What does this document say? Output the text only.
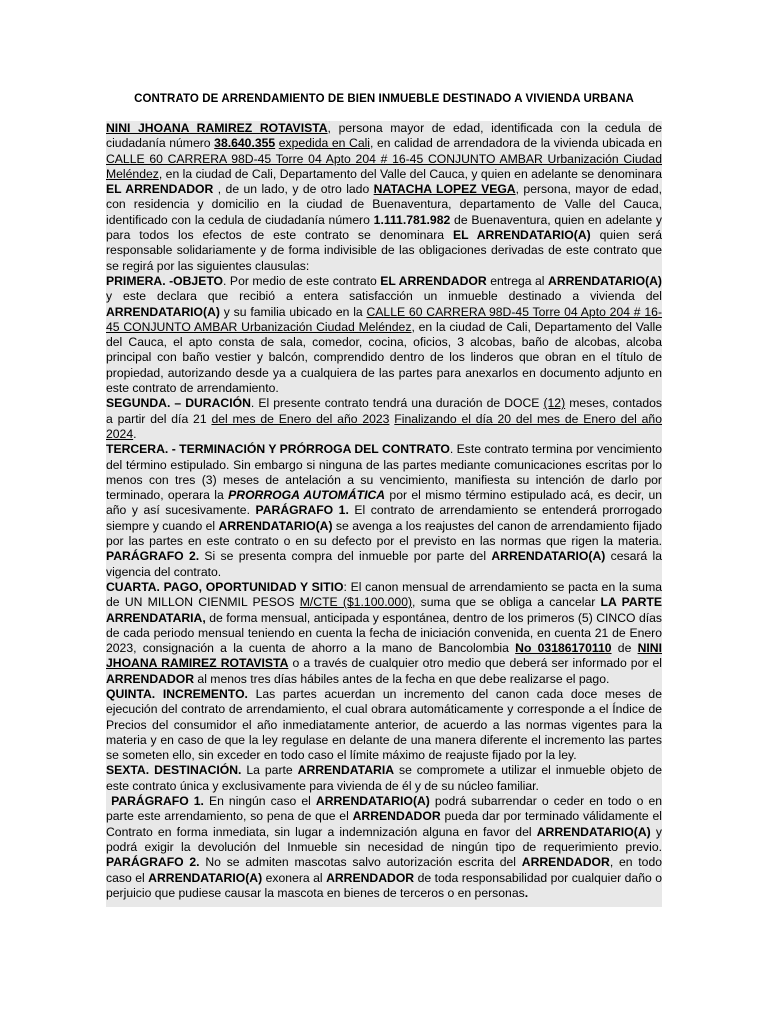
CONTRATO DE ARRENDAMIENTO DE BIEN INMUEBLE DESTINADO A VIVIENDA URBANA

NINI JHOANA RAMIREZ ROTAVISTA, persona mayor de edad, identificada con la cedula de ciudadanía número 38.640.355 expedida en Cali, en calidad de arrendadora de la vivienda ubicada en CALLE 60 CARRERA 98D-45 Torre 04 Apto 204 # 16-45 CONJUNTO AMBAR Urbanización Ciudad Meléndez, en la ciudad de Cali, Departamento del Valle del Cauca, y quien en adelante se denominara EL ARRENDADOR , de un lado, y de otro lado NATACHA LOPEZ VEGA, persona, mayor de edad, con residencia y domicilio en la ciudad de Buenaventura, departamento de Valle del Cauca, identificado con la cedula de ciudadanía número 1.111.781.982 de Buenaventura, quien en adelante y para todos los efectos de este contrato se denominara EL ARRENDATARIO(A) quien será responsable solidariamente y de forma indivisible de las obligaciones derivadas de este contrato que se regirá por las siguientes clausulas:

PRIMERA. -OBJETO. Por medio de este contrato EL ARRENDADOR entrega al ARRENDATARIO(A) y este declara que recibió a entera satisfacción un inmueble destinado a vivienda del ARRENDATARIO(A) y su familia ubicado en la CALLE 60 CARRERA 98D-45 Torre 04 Apto 204 # 16-45 CONJUNTO AMBAR Urbanización Ciudad Meléndez, en la ciudad de Cali, Departamento del Valle del Cauca, el apto consta de sala, comedor, cocina, oficios, 3 alcobas, baño de alcobas, alcoba principal con baño vestier y balcón, comprendido dentro de los linderos que obran en el título de propiedad, autorizando desde ya a cualquiera de las partes para anexarlos en documento adjunto en este contrato de arrendamiento.

SEGUNDA. – DURACIÓN. El presente contrato tendrá una duración de DOCE (12) meses, contados a partir del día 21 del mes de Enero del año 2023 Finalizando el día 20 del mes de Enero del año 2024.

TERCERA. - TERMINACIÓN Y PRÓRROGA DEL CONTRATO. Este contrato termina por vencimiento del término estipulado. Sin embargo si ninguna de las partes mediante comunicaciones escritas por lo menos con tres (3) meses de antelación a su vencimiento, manifiesta su intención de darlo por terminado, operara la PRORROGA AUTOMÁTICA por el mismo término estipulado acá, es decir, un año y así sucesivamente. PARÁGRAFO 1. El contrato de arrendamiento se entenderá prorrogado siempre y cuando el ARRENDATARIO(A) se avenga a los reajustes del canon de arrendamiento fijado por las partes en este contrato o en su defecto por el previsto en las normas que rigen la materia. PARÁGRAFO 2. Si se presenta compra del inmueble por parte del ARRENDATARIO(A) cesará la vigencia del contrato.

CUARTA. PAGO, OPORTUNIDAD Y SITIO: El canon mensual de arrendamiento se pacta en la suma de UN MILLON CIENMIL PESOS M/CTE ($1.100.000), suma que se obliga a cancelar LA PARTE ARRENDATARIA, de forma mensual, anticipada y espontánea, dentro de los primeros (5) CINCO días de cada periodo mensual teniendo en cuenta la fecha de iniciación convenida, en cuenta 21 de Enero 2023, consignación a la cuenta de ahorro a la mano de Bancolombia No 03186170110 de NINI JHOANA RAMIREZ ROTAVISTA o a través de cualquier otro medio que deberá ser informado por el ARRENDADOR al menos tres días hábiles antes de la fecha en que debe realizarse el pago.

QUINTA. INCREMENTO. Las partes acuerdan un incremento del canon cada doce meses de ejecución del contrato de arrendamiento, el cual obrara automáticamente y corresponde a el Índice de Precios del consumidor el año inmediatamente anterior, de acuerdo a las normas vigentes para la materia y en caso de que la ley regulase en delante de una manera diferente el incremento las partes se someten ello, sin exceder en todo caso el límite máximo de reajuste fijado por la ley.

SEXTA. DESTINACIÓN. La parte ARRENDATARIA se compromete a utilizar el inmueble objeto de este contrato única y exclusivamente para vivienda de él y de su núcleo familiar.

PARÁGRAFO 1. En ningún caso el ARRENDATARIO(A) podrá subarrendar o ceder en todo o en parte este arrendamiento, so pena de que el ARRENDADOR pueda dar por terminado válidamente el Contrato en forma inmediata, sin lugar a indemnización alguna en favor del ARRENDATARIO(A) y podrá exigir la devolución del Inmueble sin necesidad de ningún tipo de requerimiento previo. PARÁGRAFO 2. No se admiten mascotas salvo autorización escrita del ARRENDADOR, en todo caso el ARRENDATARIO(A) exonera al ARRENDADOR de toda responsabilidad por cualquier daño o perjuicio que pudiese causar la mascota en bienes de terceros o en personas.
